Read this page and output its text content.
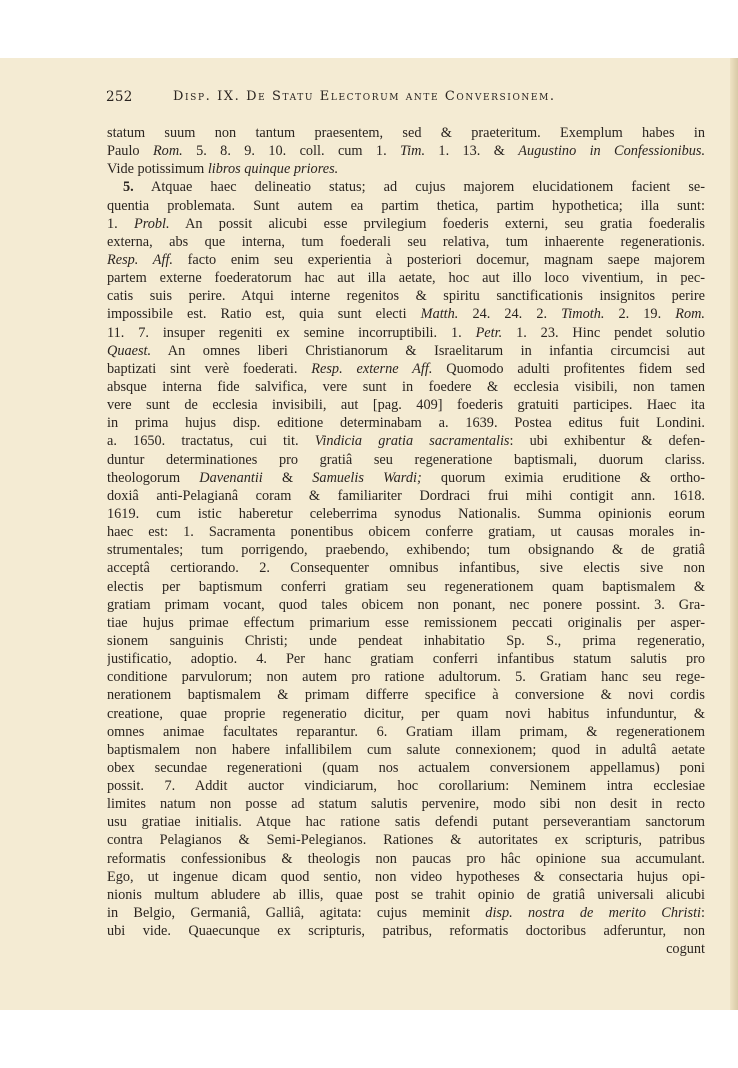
252	Disp. IX. De Statu Electorum ante Conversionem.
statum suum non tantum praesentem, sed & praeteritum. Exemplum habes in
Paulo Rom. 5. 8. 9. 10. coll. cum 1. Tim. 1. 13. & Augustino in Confessionibus.
Vide potissimum libros quinque priores.
5. Atquae haec delineatio status; ad cujus majorem elucidationem facient se-
quentia problemata. Sunt autem ea partim thetica, partim hypothetica; illa sunt:
1. Probl. An possit alicubi esse prvilegium foederis externi, seu gratia foederalis
externa, abs que interna, tum foederali seu relativa, tum inhaerente regenerationis.
Resp. Aff. facto enim seu experientia à posteriori docemur, magnam saepe majorem
partem externe foederatorum hac aut illa aetate, hoc aut illo loco viventium, in pec-
catis suis perire. Atqui interne regenitos & spiritu sanctificationis insignitos perire
impossibile est. Ratio est, quia sunt electi Matth. 24. 24. 2. Timoth. 2. 19. Rom.
11. 7. insuper regeniti ex semine incorruptibili. 1. Petr. 1. 23. Hinc pendet solutio
Quaest. An omnes liberi Christianorum & Israelitarum in infantia circumcisi aut
baptizati sint verè foederati. Resp. externe Aff. Quomodo adulti profitentes fidem sed
absque interna fide salvifica, vere sunt in foedere & ecclesia visibili, non tamen
vere sunt de ecclesia invisibili, aut [pag. 409] foederis gratuiti participes. Haec ita
in prima hujus disp. editione determinabam a. 1639. Postea editus fuit Londini.
a. 1650. tractatus, cui tit. Vindicia gratia sacramentalis: ubi exhibentur & defen-
duntur determinationes pro gratiâ seu regeneratione baptismali, duorum clariss.
theologorum Davenantii & Samuelis Wardi; quorum eximia eruditione & ortho-
doxiâ anti-Pelagianâ coram & familiariter Dordraci frui mihi contigit ann. 1618.
1619. cum istic haberetur celeberrima synodus Nationalis. Summa opinionis eorum
haec est: 1. Sacramenta ponentibus obicem conferre gratiam, ut causas morales in-
strumentales; tum porrigendo, praebendo, exhibendo; tum obsignando & de gratiâ
acceptâ certiorando. 2. Consequenter omnibus infantibus, sive electis sive non
electis per baptismum conferri gratiam seu regenerationem quam baptismalem &
gratiam primam vocant, quod tales obicem non ponant, nec ponere possint. 3. Gra-
tiae hujus primae effectum primarium esse remissionem peccati originalis per asper-
sionem sanguinis Christi; unde pendeat inhabitatio Sp. S., prima regeneratio,
justificatio, adoptio. 4. Per hanc gratiam conferri infantibus statum salutis pro
conditione parvulorum; non autem pro ratione adultorum. 5. Gratiam hanc seu rege-
nerationem baptismalem & primam differre specifice à conversione & novi cordis
creatione, quae proprie regeneratio dicitur, per quam novi habitus infunduntur, &
omnes animae facultates reparantur. 6. Gratiam illam primam, & regenerationem
baptismalem non habere infallibilem cum salute connexionem; quod in adultâ aetate
obex secundae regenerationi (quam nos actualem conversionem appellamus) poni
possit. 7. Addit auctor vindiciarum, hoc corollarium: Neminem intra ecclesiae
limites natum non posse ad statum salutis pervenire, modo sibi non desit in recto
usu gratiae initialis. Atque hac ratione satis defendi putant perseverantiam sanctorum
contra Pelagianos & Semi-Pelegianos. Rationes & autoritates ex scripturis, patribus
reformatis confessionibus & theologis non paucas pro hâc opinione sua accumulant.
Ego, ut ingenue dicam quod sentio, non video hypotheses & consectaria hujus opi-
nionis multum abludere ab illis, quae post se trahit opinio de gratiâ universali alicubi
in Belgio, Germaniâ, Galliâ, agitata: cujus meminit disp. nostra de merito Christi:
ubi vide. Quaecunque ex scripturis, patribus, reformatis doctoribus adferuntur, non
cogunt
